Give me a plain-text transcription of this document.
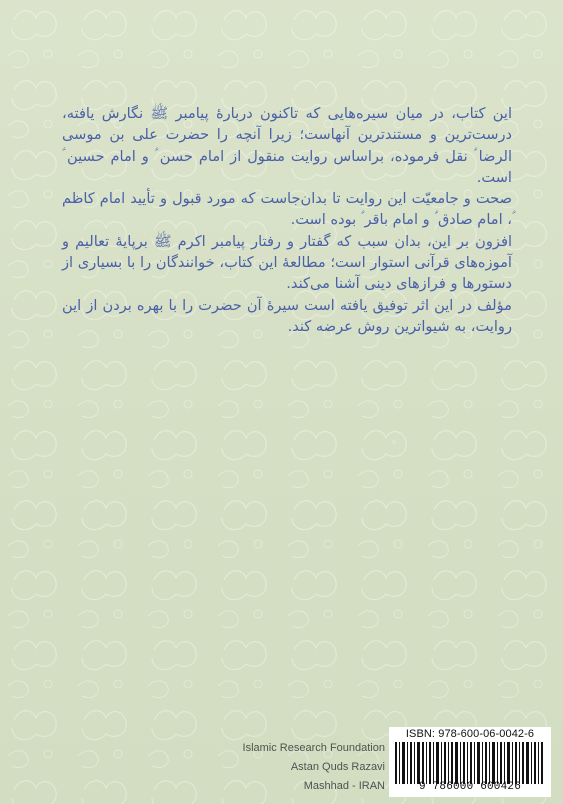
این کتاب، در میان سیره‌هایی که تاکنون دربارهٔ پیامبر ﷺ نگارش یافته، درست‌ترین و مستندترین آنهاست؛ زیرا آنچه را حضرت علی بن موسی الرضا ؑ نقل فرموده، براساس روایت منقول از امام حسن ؑ و امام حسین ؑ است.

صحت و جامعیّت این روایت تا بدان‌جاست که مورد قبول و تأیید امام کاظم ؑ، امام صادق ؑ و امام باقر ؑ بوده است.

افزون بر این، بدان سبب که گفتار و رفتار پیامبر اکرم ﷺ برپایهٔ تعالیم و آموزه‌های قرآنی استوار است؛ مطالعهٔ این کتاب، خوانندگان را با بسیاری از دستورها و فرازهای دینی آشنا می‌کند.

مؤلف در این اثر توفیق یافته است سیرهٔ آن حضرت را با بهره بردن از این روایت، به شیواترین روش عرضه کند.

Islamic Research Foundation
Astan Quds Razavi
Mashhad - IRAN
ISBN: 978-600-06-0042-6
9 786000 600426
